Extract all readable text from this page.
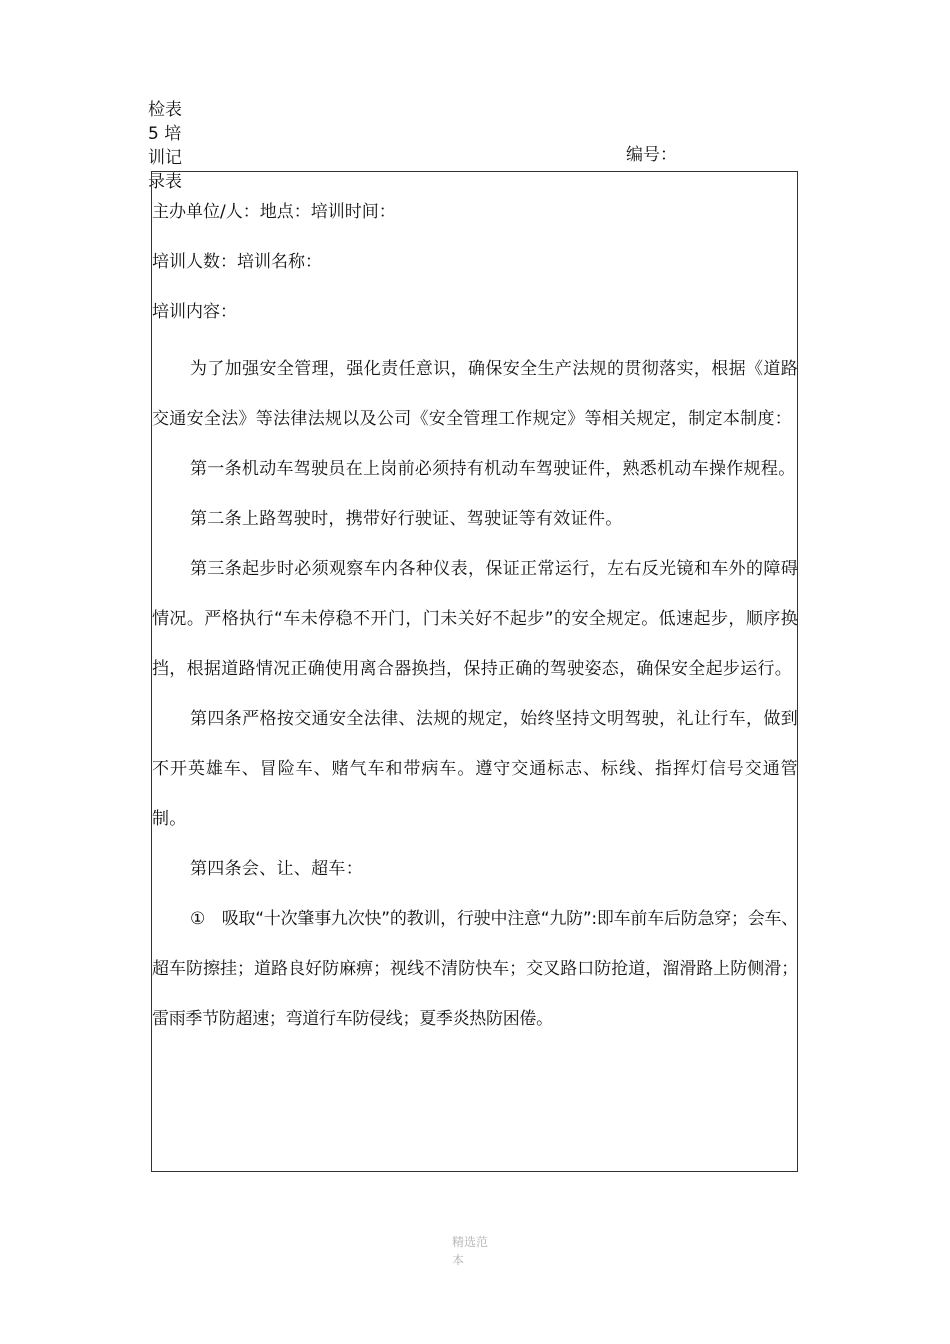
检表
5 培
训记
录表
编号：
主办单位/人：地点：培训时间：
培训人数：培训名称：
培训内容：

为了加强安全管理，强化责任意识，确保安全生产法规的贯彻落实，根据《道路交通安全法》等法律法规以及公司《安全管理工作规定》等相关规定，制定本制度：

第一条机动车驾驶员在上岗前必须持有机动车驾驶证件，熟悉机动车操作规程。

第二条上路驾驶时，携带好行驶证、驾驶证等有效证件。

第三条起步时必须观察车内各种仪表，保证正常运行，左右反光镜和车外的障碍情况。严格执行“车未停稳不开门，门未关好不起步”的安全规定。低速起步，顺序换挡，根据道路情况正确使用离合器换挡，保持正确的驾驶姿态，确保安全起步运行。

第四条严格按交通安全法律、法规的规定，始终坚持文明驾驶，礼让行车，做到不开英雄车、冒险车、赌气车和带病车。遵守交通标志、标线、指挥灯信号交通管制。

第四条会、让、超车：

①　吸取“十次肇事九次快”的教训，行驶中注意“九防”:即车前车后防急穿；会车、超车防擦挂；道路良好防麻痹；视线不清防快车；交叉路口防抢道，溜滑路上防侧滑；雷雨季节防超速；弯道行车防侵线；夏季炎热防困倦。

精选范本
